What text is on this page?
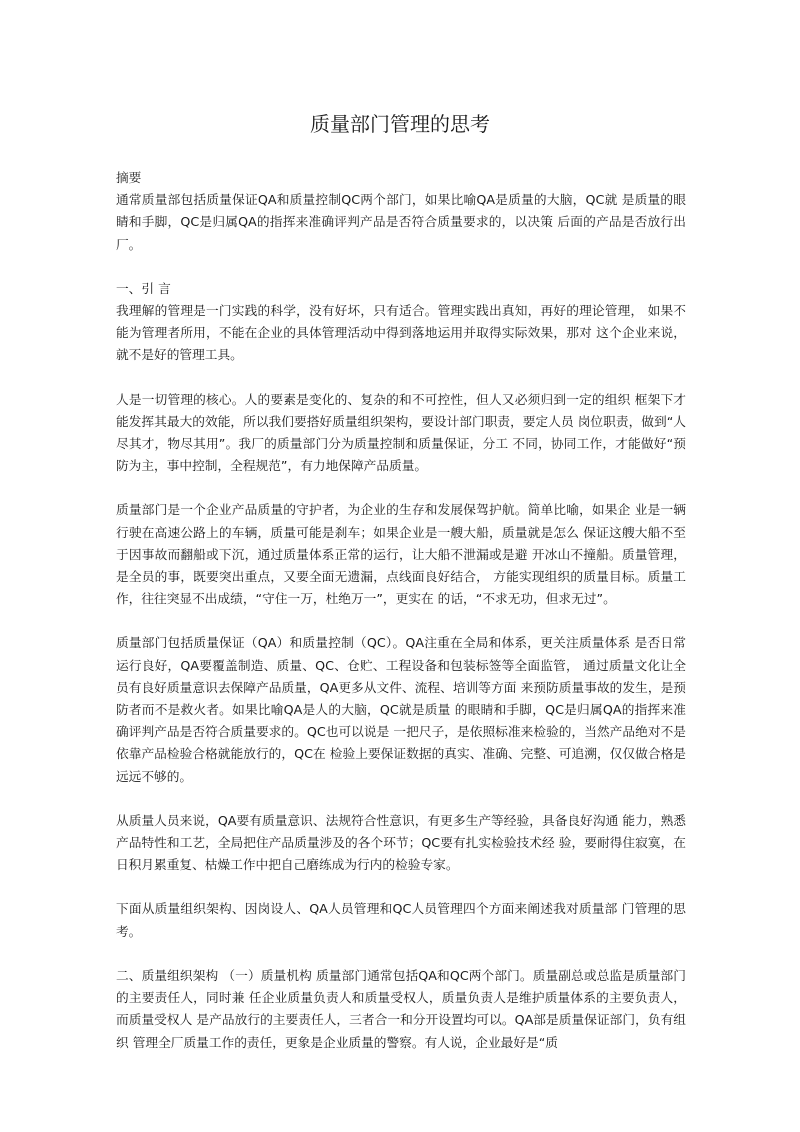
质量部门管理的思考

摘要

通常质量部包括质量保证QA和质量控制QC两个部门，如果比喻QA是质量的大脑，QC就 是质量的眼睛和手脚，QC是归属QA的指挥来准确评判产品是否符合质量要求的，以决策 后面的产品是否放行出厂。

一、引 言

我理解的管理是一门实践的科学，没有好坏，只有适合。管理实践出真知，再好的理论管理， 如果不能为管理者所用，不能在企业的具体管理活动中得到落地运用并取得实际效果，那对 这个企业来说，就不是好的管理工具。

人是一切管理的核心。人的要素是变化的、复杂的和不可控性，但人又必须归到一定的组织 框架下才能发挥其最大的效能，所以我们要搭好质量组织架构，要设计部门职责，要定人员 岗位职责，做到“人尽其才，物尽其用”。我厂的质量部门分为质量控制和质量保证，分工 不同，协同工作，才能做好“预防为主，事中控制，全程规范”，有力地保障产品质量。

质量部门是一个企业产品质量的守护者，为企业的生存和发展保驾护航。简单比喻，如果企 业是一辆行驶在高速公路上的车辆，质量可能是刹车；如果企业是一艘大船，质量就是怎么 保证这艘大船不至于因事故而翻船或下沉，通过质量体系正常的运行，让大船不泄漏或是避 开冰山不撞船。质量管理，是全员的事，既要突出重点，又要全面无遗漏，点线面良好结合， 方能实现组织的质量目标。质量工作，往往突显不出成绩，“守住一万，杜绝万一”，更实在 的话，“不求无功，但求无过”。

质量部门包括质量保证（QA）和质量控制（QC）。QA注重在全局和体系，更关注质量体系 是否日常运行良好，QA要覆盖制造、质量、QC、仓贮、工程设备和包装标签等全面监管， 通过质量文化让全员有良好质量意识去保障产品质量，QA更多从文件、流程、培训等方面 来预防质量事故的发生，是预防者而不是救火者。如果比喻QA是人的大脑，QC就是质量 的眼睛和手脚，QC是归属QA的指挥来准确评判产品是否符合质量要求的。QC也可以说是 一把尺子，是依照标准来检验的，当然产品绝对不是依靠产品检验合格就能放行的，QC在 检验上要保证数据的真实、准确、完整、可追溯，仅仅做合格是远远不够的。

从质量人员来说，QA要有质量意识、法规符合性意识，有更多生产等经验，具备良好沟通 能力，熟悉产品特性和工艺，全局把住产品质量涉及的各个环节；QC要有扎实检验技术经 验，要耐得住寂寞，在日积月累重复、枯燥工作中把自己磨练成为行内的检验专家。

下面从质量组织架构、因岗设人、QA人员管理和QC人员管理四个方面来阐述我对质量部 门管理的思考。

二、质量组织架构 （一）质量机构 质量部门通常包括QA和QC两个部门。质量副总或总监是质量部门的主要责任人，同时兼 任企业质量负责人和质量受权人，质量负责人是维护质量体系的主要负责人，而质量受权人 是产品放行的主要责任人，三者合一和分开设置均可以。QA部是质量保证部门，负有组织 管理全厂质量工作的责任，更象是企业质量的警察。有人说，企业最好是“质
